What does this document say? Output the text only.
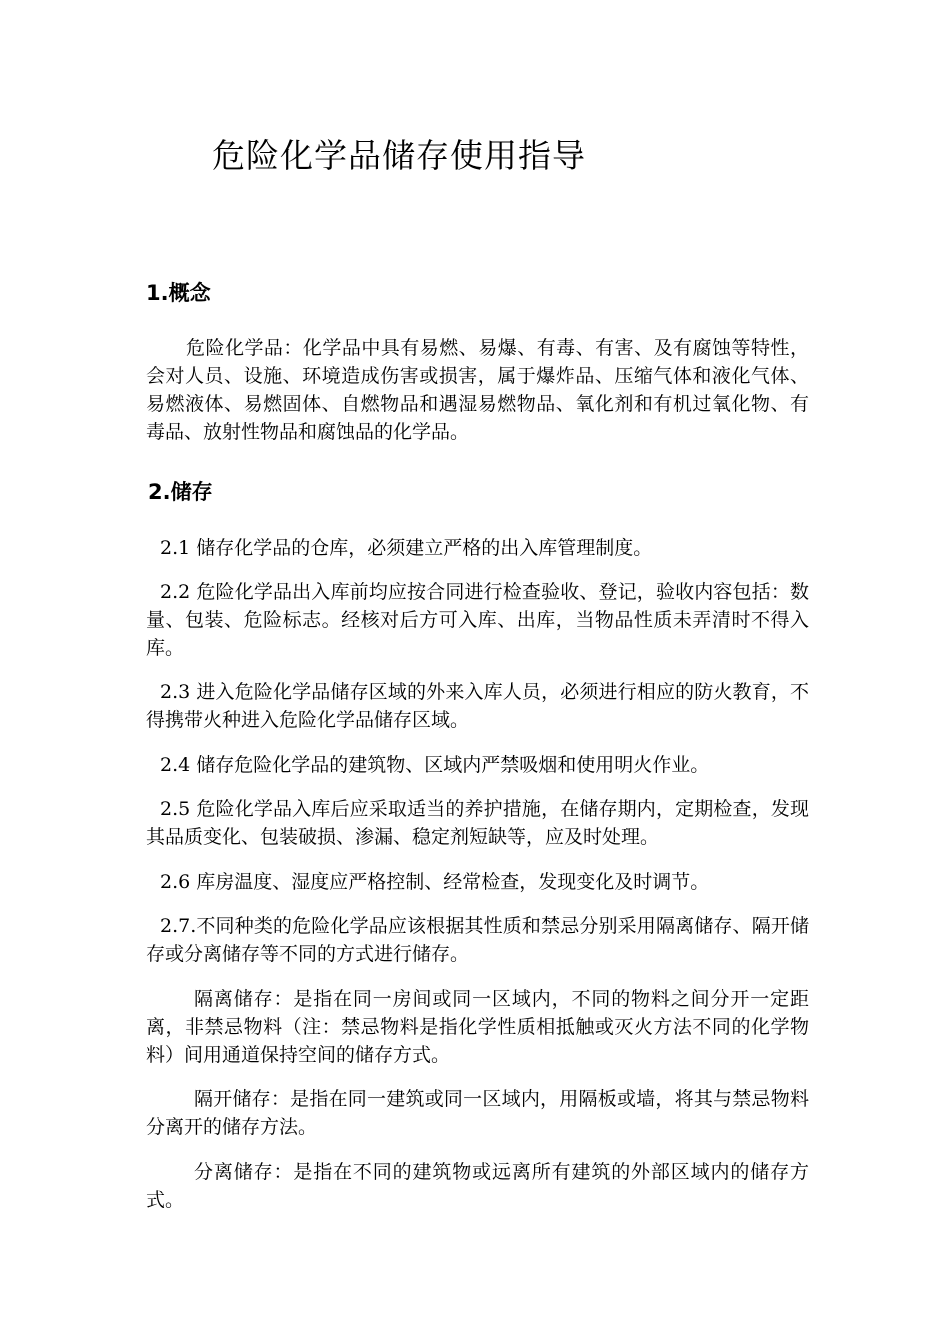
危险化学品储存使用指导
1.概念

危险化学品：化学品中具有易燃、易爆、有毒、有害、及有腐蚀等特性，会对人员、设施、环境造成伤害或损害，属于爆炸品、压缩气体和液化气体、易燃液体、易燃固体、自燃物品和遇湿易燃物品、氧化剂和有机过氧化物、有毒品、放射性物品和腐蚀品的化学品。

2.储存

2.1 储存化学品的仓库，必须建立严格的出入库管理制度。

2.2 危险化学品出入库前均应按合同进行检查验收、登记，验收内容包括：数量、包装、危险标志。经核对后方可入库、出库，当物品性质未弄清时不得入库。

2.3 进入危险化学品储存区域的外来入库人员，必须进行相应的防火教育，不得携带火种进入危险化学品储存区域。

2.4 储存危险化学品的建筑物、区域内严禁吸烟和使用明火作业。

2.5 危险化学品入库后应采取适当的养护措施，在储存期内，定期检查，发现其品质变化、包装破损、渗漏、稳定剂短缺等，应及时处理。

2.6 库房温度、湿度应严格控制、经常检查，发现变化及时调节。

2.7.不同种类的危险化学品应该根据其性质和禁忌分别采用隔离储存、隔开储存或分离储存等不同的方式进行储存。

隔离储存：是指在同一房间或同一区域内，不同的物料之间分开一定距离，非禁忌物料（注：禁忌物料是指化学性质相抵触或灭火方法不同的化学物料）间用通道保持空间的储存方式。

隔开储存：是指在同一建筑或同一区域内，用隔板或墙，将其与禁忌物料分离开的储存方法。

分离储存：是指在不同的建筑物或远离所有建筑的外部区域内的储存方式。
